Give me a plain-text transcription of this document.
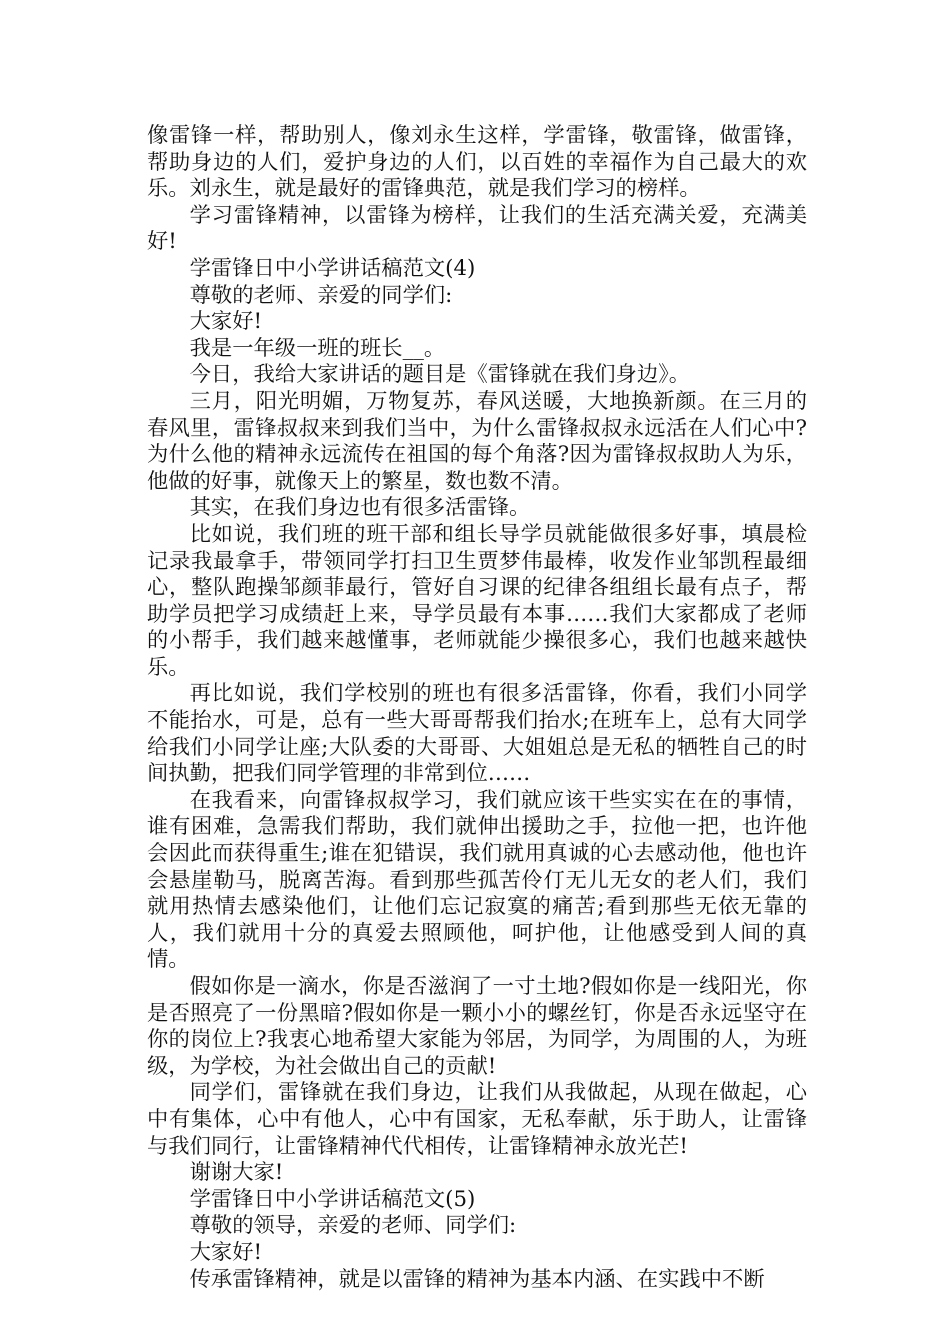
像雷锋一样，帮助别人，像刘永生这样，学雷锋，敬雷锋，做雷锋，帮助身边的人们，爱护身边的人们，以百姓的幸福作为自己最大的欢乐。刘永生，就是最好的雷锋典范，就是我们学习的榜样。

学习雷锋精神，以雷锋为榜样，让我们的生活充满关爱，充满美好!

学雷锋日中小学讲话稿范文(4)

尊敬的老师、亲爱的同学们:

大家好!

我是一年级一班的班长__。

今日，我给大家讲话的题目是《雷锋就在我们身边》。

三月，阳光明媚，万物复苏，春风送暖，大地换新颜。在三月的春风里，雷锋叔叔来到我们当中，为什么雷锋叔叔永远活在人们心中?为什么他的精神永远流传在祖国的每个角落?因为雷锋叔叔助人为乐，他做的好事，就像天上的繁星，数也数不清。

其实，在我们身边也有很多活雷锋。

比如说，我们班的班干部和组长导学员就能做很多好事，填晨检记录我最拿手，带领同学打扫卫生贾梦伟最棒，收发作业邹凯程最细心，整队跑操邹颜菲最行，管好自习课的纪律各组组长最有点子，帮助学员把学习成绩赶上来，导学员最有本事……我们大家都成了老师的小帮手，我们越来越懂事，老师就能少操很多心，我们也越来越快乐。

再比如说，我们学校别的班也有很多活雷锋，你看，我们小同学不能抬水，可是，总有一些大哥哥帮我们抬水;在班车上，总有大同学给我们小同学让座;大队委的大哥哥、大姐姐总是无私的牺牲自己的时间执勤，把我们同学管理的非常到位……

在我看来，向雷锋叔叔学习，我们就应该干些实实在在的事情，谁有困难，急需我们帮助，我们就伸出援助之手，拉他一把，也许他会因此而获得重生;谁在犯错误，我们就用真诚的心去感动他，他也许会悬崖勒马，脱离苦海。看到那些孤苦伶仃无儿无女的老人们，我们就用热情去感染他们，让他们忘记寂寞的痛苦;看到那些无依无靠的人，我们就用十分的真爱去照顾他，呵护他，让他感受到人间的真情。

假如你是一滴水，你是否滋润了一寸土地?假如你是一线阳光，你是否照亮了一份黑暗?假如你是一颗小小的螺丝钉，你是否永远坚守在你的岗位上?我衷心地希望大家能为邻居，为同学，为周围的人，为班级，为学校，为社会做出自己的贡献!

同学们，雷锋就在我们身边，让我们从我做起，从现在做起，心中有集体，心中有他人，心中有国家，无私奉献，乐于助人，让雷锋与我们同行，让雷锋精神代代相传，让雷锋精神永放光芒!

谢谢大家!

学雷锋日中小学讲话稿范文(5)

尊敬的领导，亲爱的老师、同学们:

大家好!

传承雷锋精神，就是以雷锋的精神为基本内涵、在实践中不断
